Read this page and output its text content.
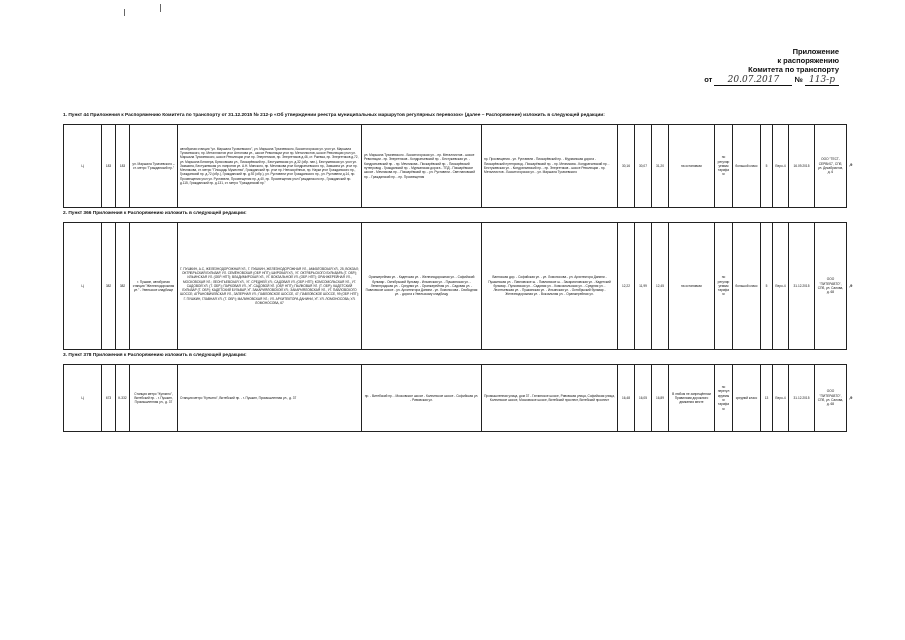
Приложение
к распоряжению
Комитета по транспорту
от 20.07.2017 № 113-р
1. Пункт 44 Приложения к Распоряжению Комитета по транспорту от 31.12.2015 № 212-р «Об утверждении реестра муниципальных маршрутов регулярных перевозок» (далее – Распоряжение) изложить в следующей редакции:
Ц	183	183	ул. Маршала Тухачевского – ст. метро "Гражданский пр."	автобусная станция "ул. Маршала Тухачевского", ул. Маршала Тухачевского, Бокситогорская ул. угол ул. Маршала Тухачевского, пр. Металлистов угол Антонова ул., шоссе Революции угол пр. Металлистов, шоссе Революции угол ул. Маршала Тухачевского, шоссе Революции угол пр. Энергетиков, пр. Энергетиков д.46, ст. Ржевка, пр. Энергетиков д.72, ул. Маршала Блюхера, Брюсовская ул., Пискарёвский пр., Бестужевская ул. д.32 (обр. нап.), Бестужевская ул. угол ул. Замшина, Бестужевская ул. напротив ул. А.Н. Минского, пр. Мечникова угол Кондратьевского пр., Замшина ул. угол пр. Мечникова, ст. метро "Площадь Мужества", Гражданский пр. угол пр. Непокорённых, пр. Науки угол Гражданского пр., Гражданский пр. д.72 (обр.), Гражданский пр. д.92 (обр.), ул. Руставели угол Гражданского пр., ул. Руставели д.14, пр. Просвещения угол ул. Руставели, Просвещения пр. д.40, пр. Просвещения угол Гражданского пр., Гражданский пр. д.115, Гражданский пр. д.131, ст. метро "Гражданский пр."	ул. Маршала Тухачевского - Бокситогорская ул. - пр. Металлистов - шоссе Революции - пр. Энергетиков - Кондратьевский пр. - Бестужевская ул. - Кондратьевский пр. - пр. Мечникова - Пискарёвский пр. - Пискарёвский путепровод - Гражданский пр. - Мурманская дорога - ТПД - Пискарёвское шоссе - Мечникова пр. - Пискарёвский пр. - ул. Руставели - Светлановский пр. - Гражданский пр. - пр. Просвещения	пр. Просвещения - ул. Руставели - Пискарёвский пр. - Мурманская дорога - Пискарёвский путепровод - Пискарёвский пр. - пр. Мечникова - Кондратьевский пр. - Бестужевская ул. - Кондратьевский пр. - пр. Энергетиков - шоссе Революции - пр. Металлистов - Бокситогорская ул. - ул. Маршала Тухачевского	30,16	30,07	31,20	на остановках	по регулируемым тарифам	большой класс	5	Евро-4	16.09.2015	ООО "ТЕСТ-СЕРВИС", СПб, ул. Декабристов, д. 6
,9
2. Пункт 366 Приложения к Распоряжению изложить в следующей редакции:
Ц	382	382	г. Пушкин, автобусная станция "Железнодорожная ул." - Увельское кладбище	Г. ПУШКИН, А.С. ЖЕЛЕЗНОДОРОЖНАЯ УЛ., Г. ПУШКИН, ЖЕЛЕЗНОДОРОЖНАЯ УЛ., АМИАТОВСКАЯ УЛ., 25, ВОКЗАЛ; ОКТЯБРЬСКИЙ БУЛЬВАР, УЛ. СЕМЁНОВСКАЯ (ОБР. НПТ); ШИРОКАЯ УЛ., УГ. ОКТЯБРЬСКОГО БУЛЬВАРА (Т. ОБР.); ИЛЬИНСКАЯ УЛ. (ОБР. НПТ); ВЛАДИМИРСКАЯ УЛ., УГ. ВОКЗАЛЬНОЙ УЛ. (ОБР. НПТ); ОРАНЖЕРЕЙНАЯ УЛ., МОСКОВСКАЯ УЛ.; ЛЕОНТЬЕВСКАЯ УЛ., УГ. СРЕДНЕЙ УЛ.; САДОВАЯ УЛ. (ОБР. НПТ); КОМСОМОЛЬСКАЯ УЛ., УГ. САДОВОЙ УЛ. (Т. ОБР.); ПАРКОВАЯ УЛ., УГ. САДОВОЙ УЛ. (ОБР. НПТ); ПЫЛКОВАЯ УЛ. (Т. ОБР.); КАДЕТСКИЙ БУЛЬВАР (Т. ОБР.); КАДЕТСКИЙ БУЛЬВАР, УГ. ЗАКАРИЯЛОВСКОЙ УЛ.; ЗАКАРИЯЛОВСКАЯ УЛ., УГ. ПАВЛОВСКОГО ШОССЕ; АГРАНОВИЧЕВСКАЯ УЛ., ЗАПЕРНАЯ УЛ.; ПАВЛОВСКОЕ ШОССЕ, 47; ПАВЛОВСКОЕ ШОССЕ, 99 (ОБР. НПТ); Г. ПУШКИН, ГЛАВНАЯ УЛ. (Т. ОБР.); МАЛИНОВСКАЯ УЛ.; УЛ. АРХИТЕКТОРА ДАНИНИ, УГ. УЛ. ЛОМОНОСОВА; УЛ. ЛОМОНОСОВА, 67	Оранжерейная ул. - Кадетская ул. - Железнодорожная ул. - Софийский бульвар - Октябрьский бульвар - Ильинская ул. - Пушкинская ул. - Ленинградская ул. - Средняя ул. - Оранжерейная ул. - Садовая ул. - Павловское шоссе - ул. Архитектора Данини - ул. Ломоносова - Свободная ул. - дорога к Увельскому кладбищу	Ванноская дор. - Софийская ул. - ул. Ломоносова - ул. Архитектора Данини - Пушкинская ул. - Павловское ш. - Павловское ш. - Закарияловская ул. - Кадетский бульвар - Пулковская ул. - Садовая ул. - Комсомольская ул. - Средняя ул. - Леонтьевская ул. - Пушкинская ул. - Ильинская ул. - Октябрьский бульвар - Железнодорожная ул. - Вокзальная ул. - Оранжерейная ул.	12,22	11,99	12,45	на остановках	по регулируемым тарифам	большой класс	5	Евро-4	31.12.2015	ООО "ПИТЕРАВТО", СПб, ул. Салова, д. 68
,9
3. Пункт 378 Приложения к Распоряжению изложить в следующей редакции:
Ц	673	К-332	Станция метро "Купчино", Витебский пр. - г. Пушкин, Промышленная ул., д. 37	Станция метро "Купчино", Витебский пр. - г. Пушкин, Промышленная ул., д. 37	пр. - Витебский пр. - Московское шоссе - Колпинское шоссе - Софийская ул. - Ривовская ул.	Промышленная улица, дом 37 - Гатчинское шоссе, Ривовская улица, Софийская улица, Колпинское шоссе, Московское шоссе, Витебский проспект, Витебский проспект	16,48	16,05	16,89	В любом не запрещённом Правилами дорожного движения месте	по нерегулируемым тарифам	средний класс	13	Евро-4	31.12.2015	ООО "ПИТЕРАВТО", СПб, ул. Салова, д. 68
,9
